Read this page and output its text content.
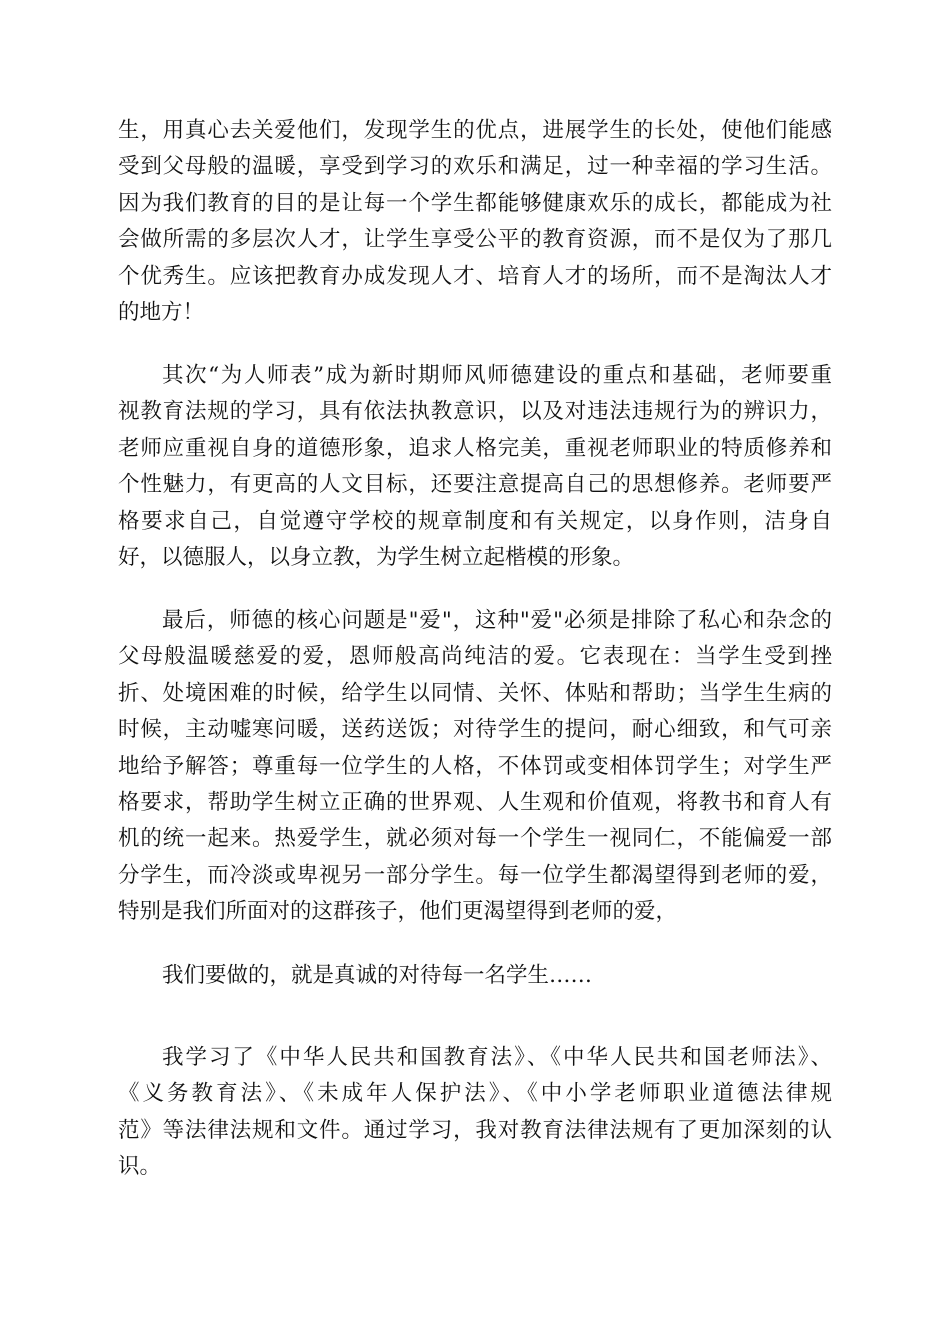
生，用真心去关爱他们，发现学生的优点，进展学生的长处，使他们能感
受到父母般的温暖，享受到学习的欢乐和满足，过一种幸福的学习生活。
因为我们教育的目的是让每一个学生都能够健康欢乐的成长，都能成为社
会做所需的多层次人才，让学生享受公平的教育资源，而不是仅为了那几
个优秀生。应该把教育办成发现人才、培育人才的场所，而不是淘汰人才
的地方！
其次“为人师表”成为新时期师风师德建设的重点和基础，老师要重
视教育法规的学习，具有依法执教意识，以及对违法违规行为的辨识力，
老师应重视自身的道德形象，追求人格完美，重视老师职业的特质修养和
个性魅力，有更高的人文目标，还要注意提高自己的思想修养。老师要严
格要求自己，自觉遵守学校的规章制度和有关规定，以身作则，洁身自
好，以德服人，以身立教，为学生树立起楷模的形象。
最后，师德的核心问题是"爱"，这种"爱"必须是排除了私心和杂念的
父母般温暖慈爱的爱，恩师般高尚纯洁的爱。它表现在：当学生受到挫
折、处境困难的时候，给学生以同情、关怀、体贴和帮助；当学生生病的
时候，主动嘘寒问暖，送药送饭；对待学生的提问，耐心细致，和气可亲
地给予解答；尊重每一位学生的人格，不体罚或变相体罚学生；对学生严
格要求，帮助学生树立正确的世界观、人生观和价值观，将教书和育人有
机的统一起来。热爱学生，就必须对每一个学生一视同仁，不能偏爱一部
分学生，而冷淡或卑视另一部分学生。每一位学生都渴望得到老师的爱，
特别是我们所面对的这群孩子，他们更渴望得到老师的爱，
我们要做的，就是真诚的对待每一名学生……
我学习了《中华人民共和国教育法》、《中华人民共和国老师法》、
《义务教育法》、《未成年人保护法》、《中小学老师职业道德法律规
范》等法律法规和文件。通过学习，我对教育法律法规有了更加深刻的认
识。
